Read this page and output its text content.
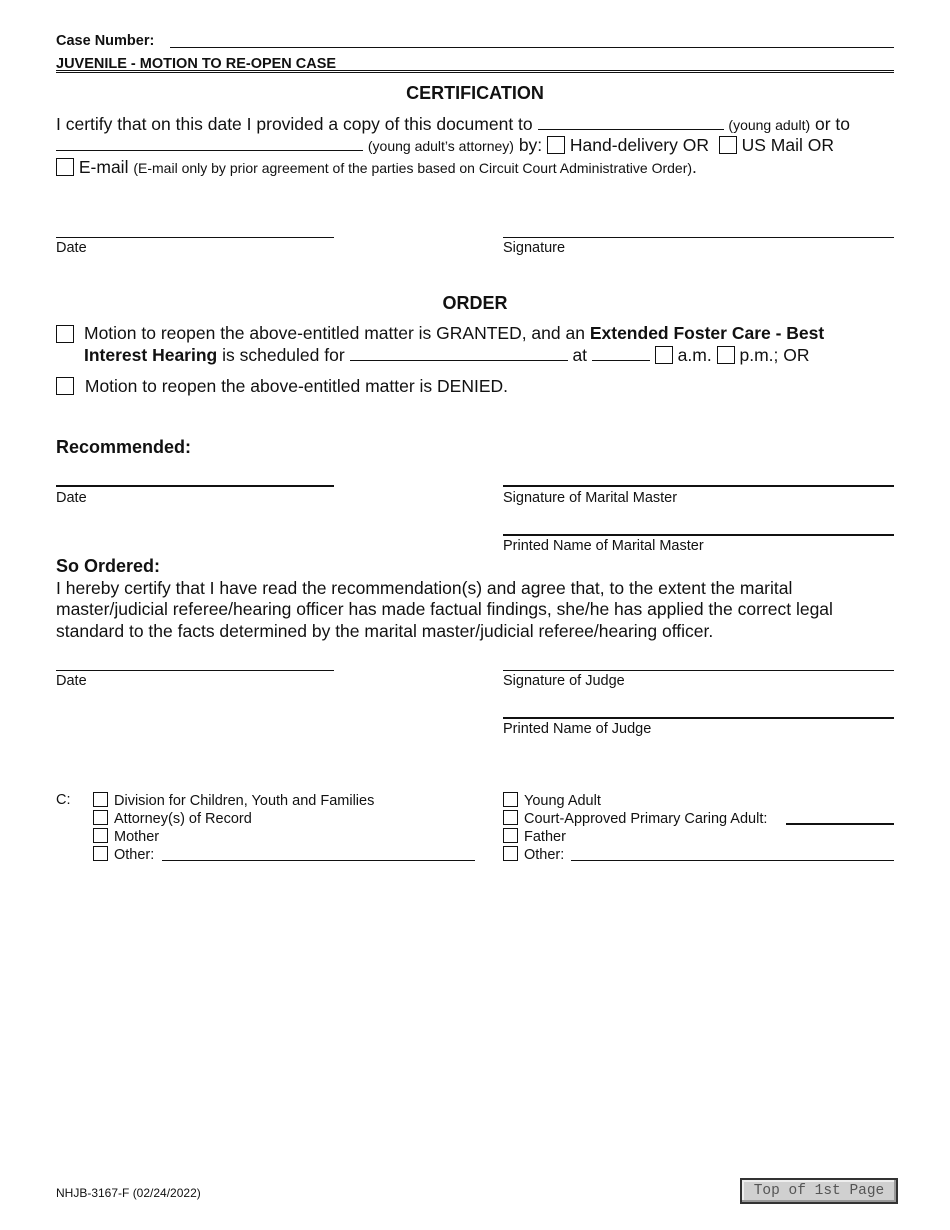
Case Number:
JUVENILE - MOTION TO RE-OPEN CASE
CERTIFICATION
I certify that on this date I provided a copy of this document to	(young adult) or to
(young adult’s attorney) by: Hand-delivery OR US Mail OR
E-mail (E-mail only by prior agreement of the parties based on Circuit Court Administrative Order).
Date	Signature
ORDER
Motion to reopen the above-entitled matter is GRANTED, and an Extended Foster Care - Best
Interest Hearing is scheduled for	at	a.m. p.m.; OR
Motion to reopen the above-entitled matter is DENIED.
Recommended:
Date	Signature of Marital Master
Printed Name of Marital Master
So Ordered:
I hereby certify that I have read the recommendation(s) and agree that, to the extent the marital
master/judicial referee/hearing officer has made factual findings, she/he has applied the correct legal
standard to the facts determined by the marital master/judicial referee/hearing officer.
Date	Signature of Judge
Printed Name of Judge
C:	Division for Children, Youth and Families
Attorney(s) of Record
Mother
Other:
Young Adult
Court-Approved Primary Caring Adult:
Father
Other:
NHJB-3167-F (02/24/2022)	Top of 1st Page
